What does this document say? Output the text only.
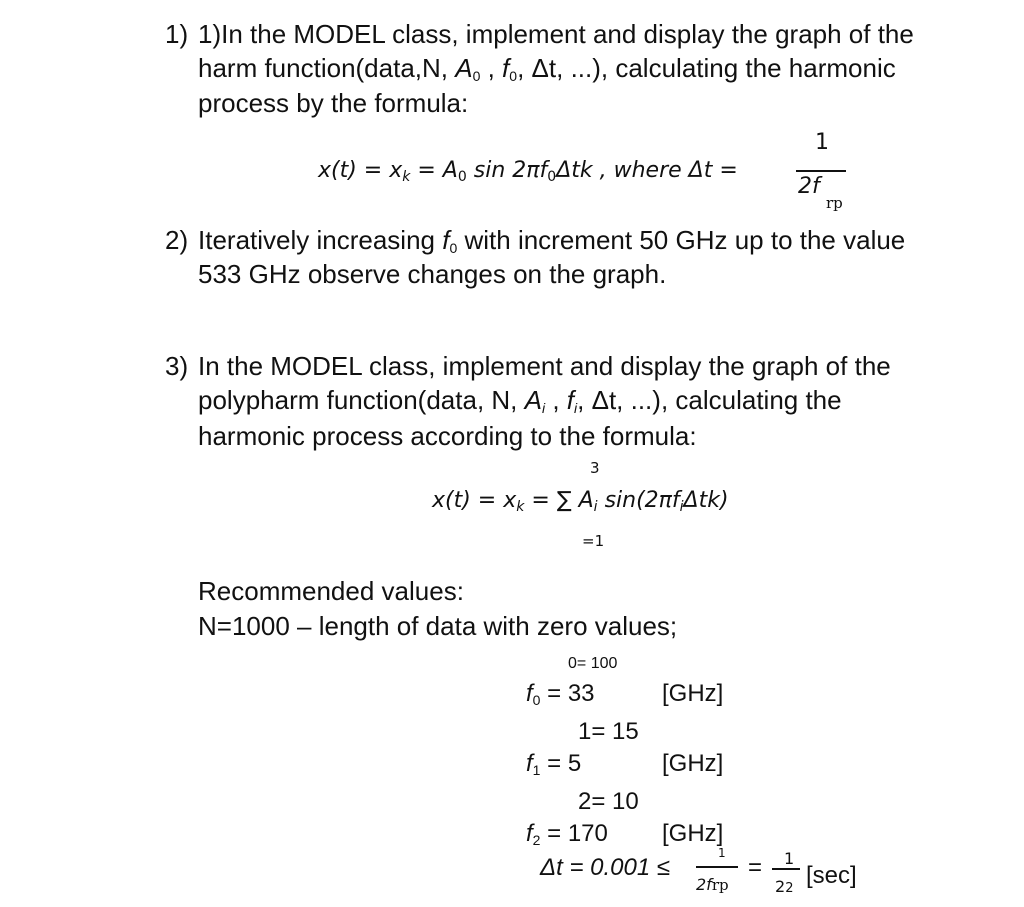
1) 1)In the MODEL class, implement and display the graph of the
harm function(data,N, $A_0$ , $f_0$, Δt, ...), calculating the harmonic
process by the formula:
$x(t) = x_k = A_0$ $\sin 2\pi f_0\Delta tk$ , where Δt =
1
2f
rp
2) Iteratively increasing $f_0$ with increment 50 GHz up to the value
533 GHz observe changes on the graph.
3) In the MODEL class, implement and display the graph of the
polypharm function(data, N, $A_i$ , $f_i$, Δt, ...), calculating the
harmonic process according to the formula:
3
$x(t) = x_k$ = ∑ $A_i$ $\sin(2\pi f_i\Delta tk)$
=1
Recommended values:
N=1000 – length of data with zero values;
0= 100
$f_0 = 33$	[GHz]
1= 15
$f_1 = 5$	[GHz]
2= 10
$f_2 = 170$ [GHz]
Δt = 0.001 ≤
1
2frp
= 1
22 [sec]
